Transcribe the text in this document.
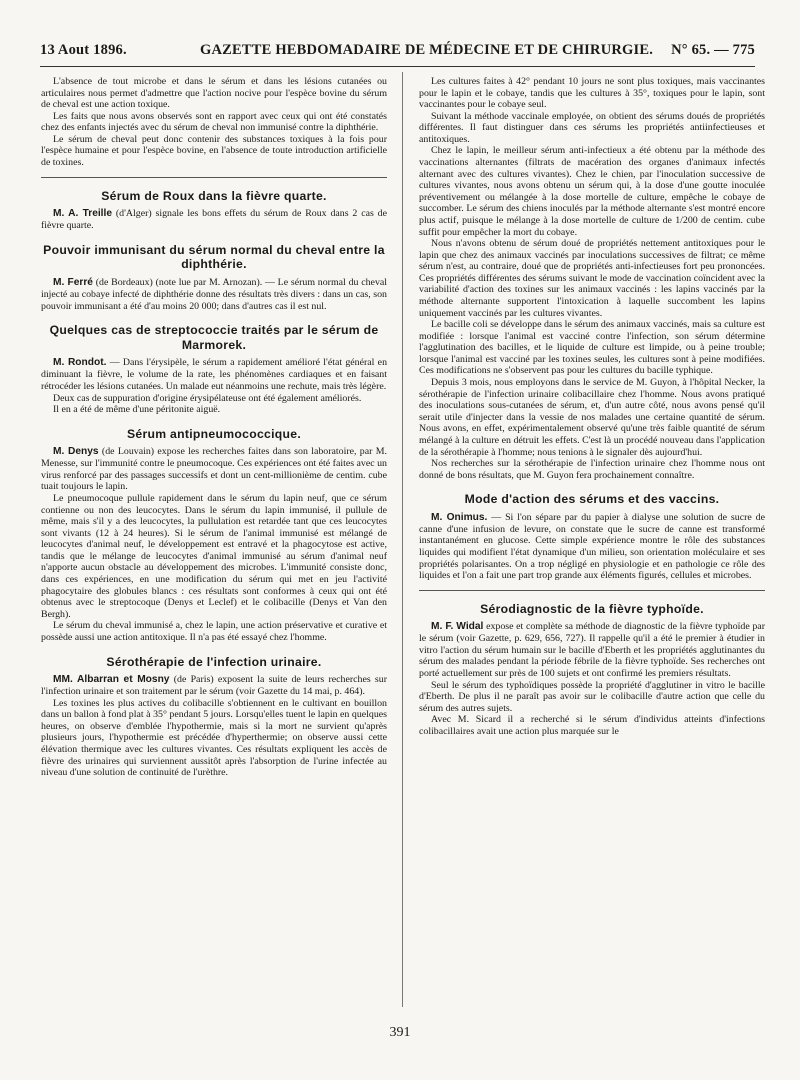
13 Aout 1896.	GAZETTE HEBDOMADAIRE DE MÉDECINE ET DE CHIRURGIE. N° 65. — 775

L'absence de tout microbe et dans le sérum et dans les lésions cutanées ou articulaires nous permet d'admettre que l'action nocive pour l'espèce bovine du sérum de cheval est une action toxique.

Les faits que nous avons observés sont en rapport avec ceux qui ont été constatés chez des enfants injectés avec du sérum de cheval non immunisé contre la diphthérie.

Le sérum de cheval peut donc contenir des substances toxiques à la fois pour l'espèce humaine et pour l'espèce bovine, en l'absence de toute introduction artificielle de toxines.

Sérum de Roux dans la fièvre quarte.

M. A. Treille (d'Alger) signale les bons effets du sérum de Roux dans 2 cas de fièvre quarte.

Pouvoir immunisant du sérum normal du cheval entre la diphthérie.

M. Ferré (de Bordeaux) (note lue par M. Arnozan). — Le sérum normal du cheval injecté au cobaye infecté de diphthérie donne des résultats très divers : dans un cas, son pouvoir immunisant a été d'au moins 20 000; dans d'autres cas il est nul.

Quelques cas de streptococcie traités par le sérum de Marmorek.

M. Rondot. — Dans l'érysipèle, le sérum a rapidement amélioré l'état général en diminuant la fièvre, le volume de la rate, les phénomènes cardiaques et en faisant rétrocéder les lésions cutanées. Un malade eut néanmoins une rechute, mais très légère.

Deux cas de suppuration d'origine érysipélateuse ont été également améliorés.

Il en a été de même d'une péritonite aiguë.

Sérum antipneumococcique.

M. Denys (de Louvain) expose les recherches faites dans son laboratoire, par M. Menesse, sur l'immunité contre le pneumocoque. Ces expériences ont été faites avec un virus renforcé par des passages successifs et dont un cent-millionième de centim. cube tuait toujours le lapin.

Le pneumocoque pullule rapidement dans le sérum du lapin neuf, que ce sérum contienne ou non des leucocytes. Dans le sérum du lapin immunisé, il pullule de même, mais s'il y a des leucocytes, la pullulation est retardée tant que ces leucocytes sont vivants (12 à 24 heures). Si le sérum de l'animal immunisé est mélangé de leucocytes d'animal neuf, le développement est entravé et la phagocytose est active, tandis que le mélange de leucocytes d'animal immunisé au sérum d'animal neuf n'apporte aucun obstacle au développement des microbes. L'immunité consiste donc, dans ces expériences, en une modification du sérum qui met en jeu l'activité phagocytaire des globules blancs : ces résultats sont conformes à ceux qui ont été obtenus avec le streptocoque (Denys et Leclef) et le colibacille (Denys et Van den Bergh).

Le sérum du cheval immunisé a, chez le lapin, une action préservative et curative et possède aussi une action antitoxique. Il n'a pas été essayé chez l'homme.

Sérothérapie de l'infection urinaire.

MM. Albarran et Mosny (de Paris) exposent la suite de leurs recherches sur l'infection urinaire et son traitement par le sérum (voir Gazette du 14 mai, p. 464).

Les toxines les plus actives du colibacille s'obtiennent en le cultivant en bouillon dans un ballon à fond plat à 35° pendant 5 jours. Lorsqu'elles tuent le lapin en quelques heures, on observe d'emblée l'hypothermie, mais si la mort ne survient qu'après plusieurs jours, l'hypothermie est précédée d'hyperthermie; on observe aussi cette élévation thermique avec les cultures vivantes. Ces résultats expliquent les accès de fièvre des urinaires qui surviennent aussitôt après l'absorption de l'urine infectée au niveau d'une solution de continuité de l'urèthre.

Les cultures faites à 42° pendant 10 jours ne sont plus toxiques, mais vaccinantes pour le lapin et le cobaye, tandis que les cultures à 35°, toxiques pour le lapin, sont vaccinantes pour le cobaye seul.

Suivant la méthode vaccinale employée, on obtient des sérums doués de propriétés différentes. Il faut distinguer dans ces sérums les propriétés antiinfectieuses et antitoxiques.

Chez le lapin, le meilleur sérum anti-infectieux a été obtenu par la méthode des vaccinations alternantes (filtrats de macération des organes d'animaux infectés alternant avec des cultures vivantes). Chez le chien, par l'inoculation successive de cultures vivantes, nous avons obtenu un sérum qui, à la dose d'une goutte inoculée préventivement ou mélangée à la dose mortelle de culture, empêche le cobaye de succomber. Le sérum des chiens inoculés par la méthode alternante s'est montré encore plus actif, puisque le mélange à la dose mortelle de culture de 1/200 de centim. cube suffit pour empêcher la mort du cobaye.

Nous n'avons obtenu de sérum doué de propriétés nettement antitoxiques pour le lapin que chez des animaux vaccinés par inoculations successives de filtrat; ce même sérum n'est, au contraire, doué que de propriétés anti-infectieuses fort peu prononcées. Ces propriétés différentes des sérums suivant le mode de vaccination coïncident avec la variabilité d'action des toxines sur les animaux vaccinés : les lapins vaccinés par la méthode alternante supportent l'intoxication à laquelle succombent les lapins uniquement vaccinés par les cultures vivantes.

Le bacille coli se développe dans le sérum des animaux vaccinés, mais sa culture est modifiée : lorsque l'animal est vacciné contre l'infection, son sérum détermine l'agglutination des bacilles, et le liquide de culture est limpide, ou à peine trouble; lorsque l'animal est vacciné par les toxines seules, les cultures sont à peine modifiées. Ces modifications ne s'observent pas pour les cultures du bacille typhique.

Depuis 3 mois, nous employons dans le service de M. Guyon, à l'hôpital Necker, la sérothérapie de l'infection urinaire colibacillaire chez l'homme. Nous avons pratiqué des inoculations sous-cutanées de sérum, et, d'un autre côté, nous avons pensé qu'il serait utile d'injecter dans la vessie de nos malades une certaine quantité de sérum. Nous avons, en effet, expérimentalement observé qu'une très faible quantité de sérum mélangé à la culture en détruit les effets. C'est là un procédé nouveau dans l'application de la sérothérapie à l'homme; nous tenions à le signaler dès aujourd'hui.

Nos recherches sur la sérothérapie de l'infection urinaire chez l'homme nous ont donné de bons résultats, que M. Guyon fera prochainement connaître.

Mode d'action des sérums et des vaccins.

M. Onimus. — Si l'on sépare par du papier à dialyse une solution de sucre de canne d'une infusion de levure, on constate que le sucre de canne est transformé instantanément en glucose. Cette simple expérience montre le rôle des substances liquides qui modifient l'état dynamique d'un milieu, son orientation moléculaire et ses propriétés polarisantes. On a trop négligé en physiologie et en pathologie ce rôle des liquides et l'on a fait une part trop grande aux éléments figurés, cellules et microbes.

Sérodiagnostic de la fièvre typhoïde.

M. F. Widal expose et complète sa méthode de diagnostic de la fièvre typhoïde par le sérum (voir Gazette, p. 629, 656, 727). Il rappelle qu'il a été le premier à étudier in vitro l'action du sérum humain sur le bacille d'Eberth et les propriétés agglutinantes du sérum des malades pendant la période fébrile de la fièvre typhoïde. Ses recherches ont porté actuellement sur près de 100 sujets et ont confirmé les premiers résultats.

Seul le sérum des typhoïdiques possède la propriété d'agglutiner in vitro le bacille d'Eberth. De plus il ne paraît pas avoir sur le colibacille d'autre action que celle du sérum des autres sujets.

Avec M. Sicard il a recherché si le sérum d'individus atteints d'infections colibacillaires avait une action plus marquée sur le

391
